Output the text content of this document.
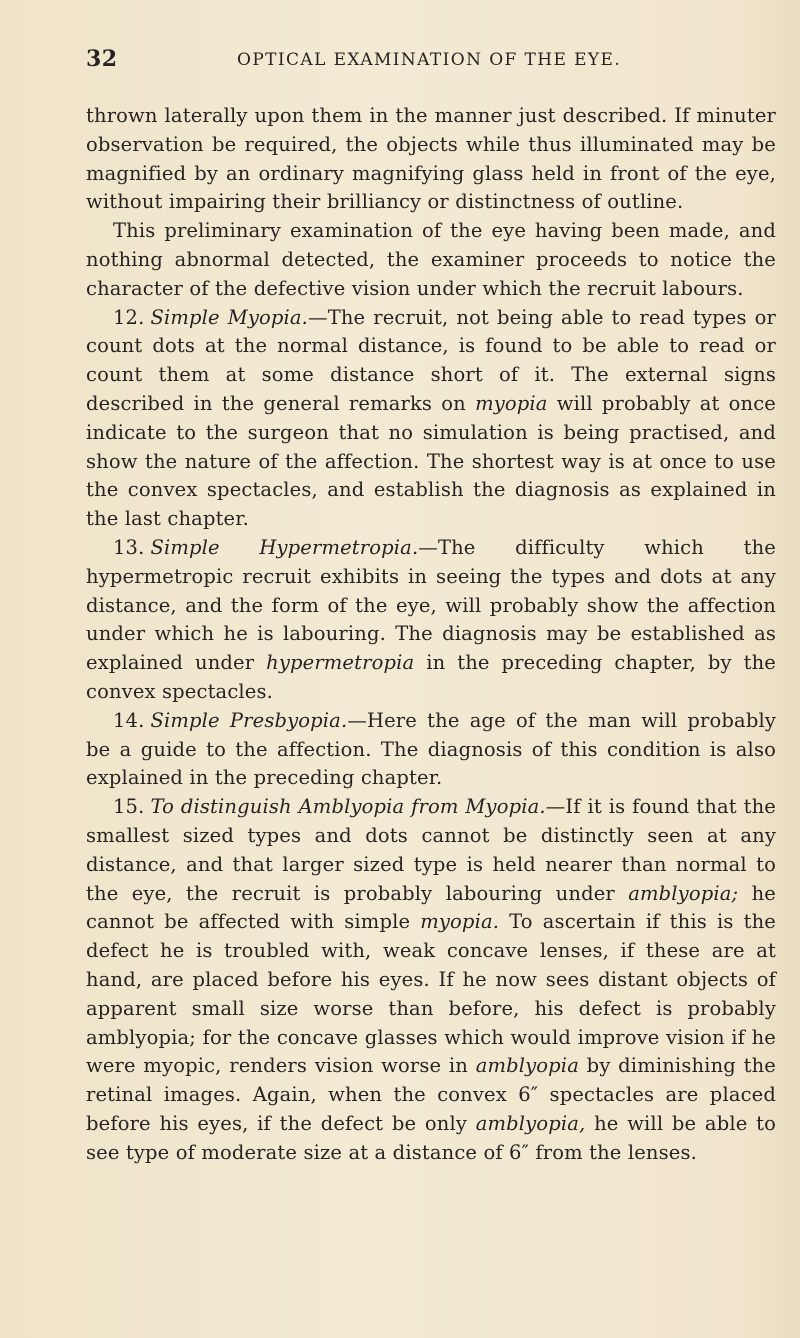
32	OPTICAL EXAMINATION OF THE EYE.

thrown laterally upon them in the manner just described. If minuter observation be required, the objects while thus illuminated may be magnified by an ordinary magnifying glass held in front of the eye, without impairing their brilliancy or distinctness of outline.

This preliminary examination of the eye having been made, and nothing abnormal detected, the examiner proceeds to notice the character of the defective vision under which the recruit labours.

12. Simple Myopia.—The recruit, not being able to read types or count dots at the normal distance, is found to be able to read or count them at some distance short of it. The external signs described in the general remarks on myopia will probably at once indicate to the surgeon that no simulation is being practised, and show the nature of the affection. The shortest way is at once to use the convex spectacles, and establish the diagnosis as explained in the last chapter.

13. Simple Hypermetropia.—The difficulty which the hypermetropic recruit exhibits in seeing the types and dots at any distance, and the form of the eye, will probably show the affection under which he is labouring. The diagnosis may be established as explained under hypermetropia in the preceding chapter, by the convex spectacles.

14. Simple Presbyopia.—Here the age of the man will probably be a guide to the affection. The diagnosis of this condition is also explained in the preceding chapter.

15. To distinguish Amblyopia from Myopia.—If it is found that the smallest sized types and dots cannot be distinctly seen at any distance, and that larger sized type is held nearer than normal to the eye, the recruit is probably labouring under amblyopia; he cannot be affected with simple myopia. To ascertain if this is the defect he is troubled with, weak concave lenses, if these are at hand, are placed before his eyes. If he now sees distant objects of apparent small size worse than before, his defect is probably amblyopia; for the concave glasses which would improve vision if he were myopic, renders vision worse in amblyopia by diminishing the retinal images. Again, when the convex 6″ spectacles are placed before his eyes, if the defect be only amblyopia, he will be able to see type of moderate size at a distance of 6″ from the lenses.
